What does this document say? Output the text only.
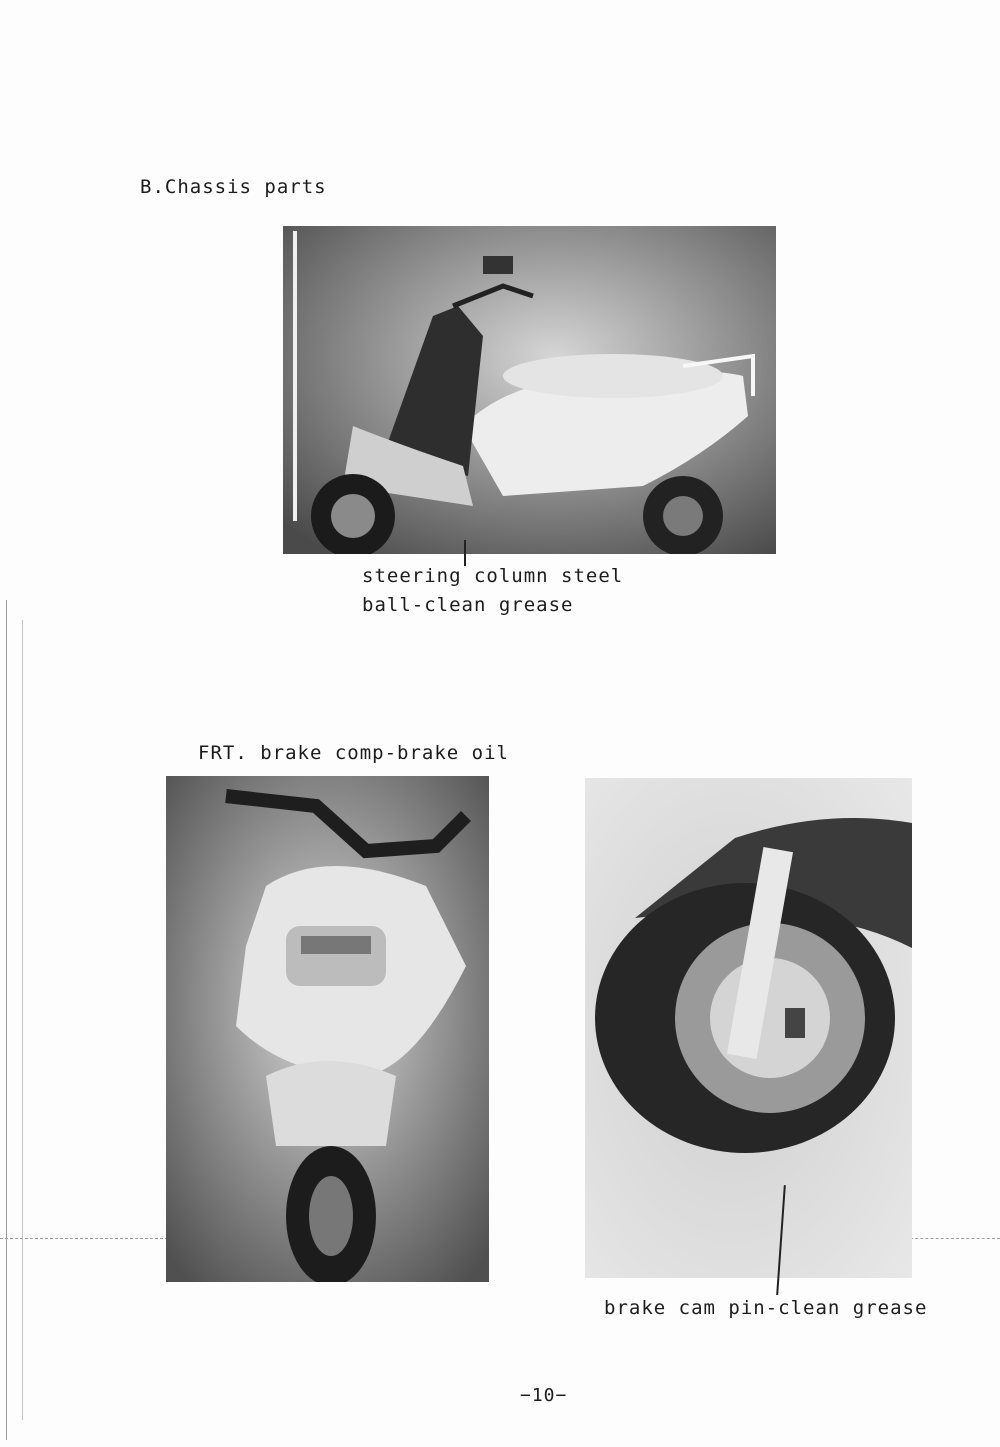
B.Chassis parts
steering column steel
ball-clean grease
FRT. brake comp-brake oil
brake cam pin-clean grease
−10−
